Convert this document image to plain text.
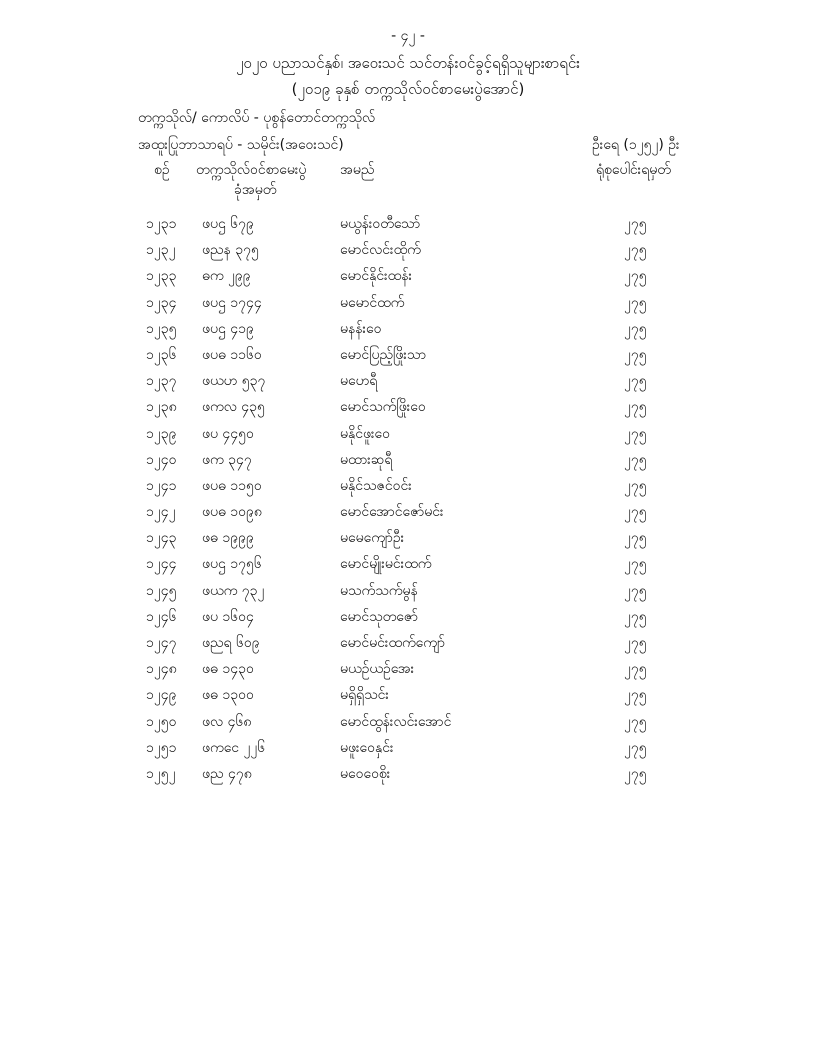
- ၄၂ -
၂၀၂၀ ပညာသင်နှစ်၊ အဝေးသင် သင်တန်းဝင်ခွင့်ရရှိသူများစာရင်း
(၂၀၁၉ ခုနှစ် တက္ကသိုလ်ဝင်စာမေးပွဲအောင်)
တက္ကသိုလ်/ ကောလိပ် - ပုစွန်တောင်တက္ကသိုလ်
အထူးပြုဘာသာရပ် - သမိုင်း(အဝေးသင်)	ဦးရေ (၁၂၅၂) ဦး
စဉ် တက္ကသိုလ်ဝင်စာမေးပွဲ
ခုံအမှတ်
အမည်	ရုံစုပေါင်းရမှတ်
၁၂၃၁ ဖပဌ ၆၇၉	မယွန်းဝတီသော်	၂၇၅
၁၂၃၂ ဖညန ၃၇၅	မောင်လင်းထိုက်	၂၇၅
၁၂၃၃ ဓက ၂၉၉	မောင်နိုင်းထန်း	၂၇၅
၁၂၃၄ ဖပဌ ၁၇၄၄	မမောင်ထက်	၂၇၅
၁၂၃၅ ဖပဌ ၄၁၉	မနန်းဝေ	၂၇၅
၁၂၃၆ ဖပဓ ၁၁၆၀	မောင်ပြည့်ဖြိုးသာ	၂၇၅
၁၂၃၇ ဖယဟ ၅၃၇	မဟေရီ	၂၇၅
၁၂၃၈ ဖကလ ၄၃၅	မောင်သက်ဖြိုးဝေ	၂၇၅
၁၂၃၉ ဖပ ၄၄၅၀	မနိုင်ဖူးဝေ	၂၇၅
၁၂၄၀ ဖက ၃၄၇	မထားဆုရီ	၂၇၅
၁၂၄၁ ဖပဓ ၁၁၅၀	မနိုင်သဇင်ဝင်း	၂၇၅
၁၂၄၂ ဖပဓ ၁၀၉၈	မောင်အောင်ဇော်မင်း	၂၇၅
၁၂၄၃ ဖဓ ၁၉၉၉	မမေကျော်ဦး	၂၇၅
၁၂၄၄ ဖပဌ ၁၇၅၆	မောင်မျိုးမင်းထက်	၂၇၅
၁၂၄၅ ဖယက ၇၃၂	မသက်သက်မွန်	၂၇၅
၁၂၄၆ ဖပ ၁၆၀၄	မောင်သုတဇော်	၂၇၅
၁၂၄၇ ဖညရ ၆၀၉	မောင်မင်းထက်ကျော်	၂၇၅
၁၂၄၈ ဖဓ ၁၄၃၀	မယဉ်ယဉ်အေး	၂၇၅
၁၂၄၉ ဖဓ ၁၃၀၀	မရှိရှိသင်း	၂၇၅
၁၂၅၀ ဖလ ၄၆၈	မောင်ထွန်းလင်းအောင်	၂၇၅
၁၂၅၁ ဖကငေ ၂၂၆	မဖူးဝေနှင်း	၂၇၅
၁၂၅၂ ဖည ၄၇၈	မဝေဝေစိုး	၂၇၅
